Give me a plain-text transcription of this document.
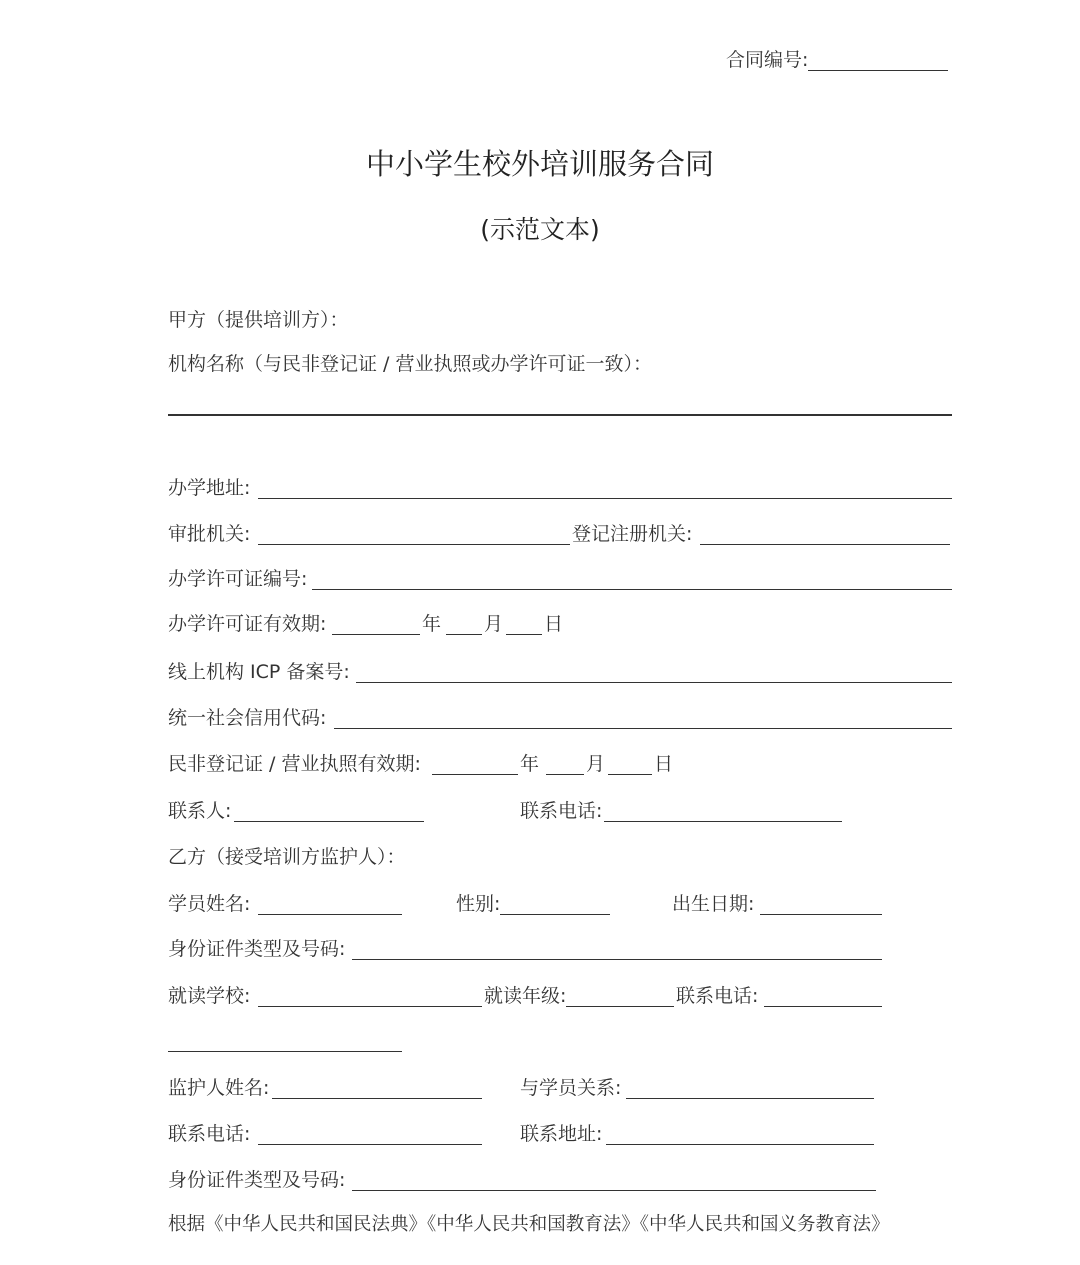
合同编号:
中小学生校外培训服务合同
(示范文本)
甲方（提供培训方）：
机构名称（与民非登记证 / 营业执照或办学许可证一致）：
办学地址:
审批机关:	登记注册机关:
办学许可证编号:
办学许可证有效期:	年 月 日
线上机构 ICP 备案号:
统一社会信用代码:
民非登记证 / 营业执照有效期:	年 月	日
联系人:	联系电话:
乙方（接受培训方监护人）：
学员姓名:	性别:	出生日期:
身份证件类型及号码:
就读学校:	就读年级:	联系电话:
监护人姓名:	与学员关系:
联系电话:	联系地址:
身份证件类型及号码:
根据《中华人民共和国民法典》《中华人民共和国教育法》《中华人民共和国义务教育法》
